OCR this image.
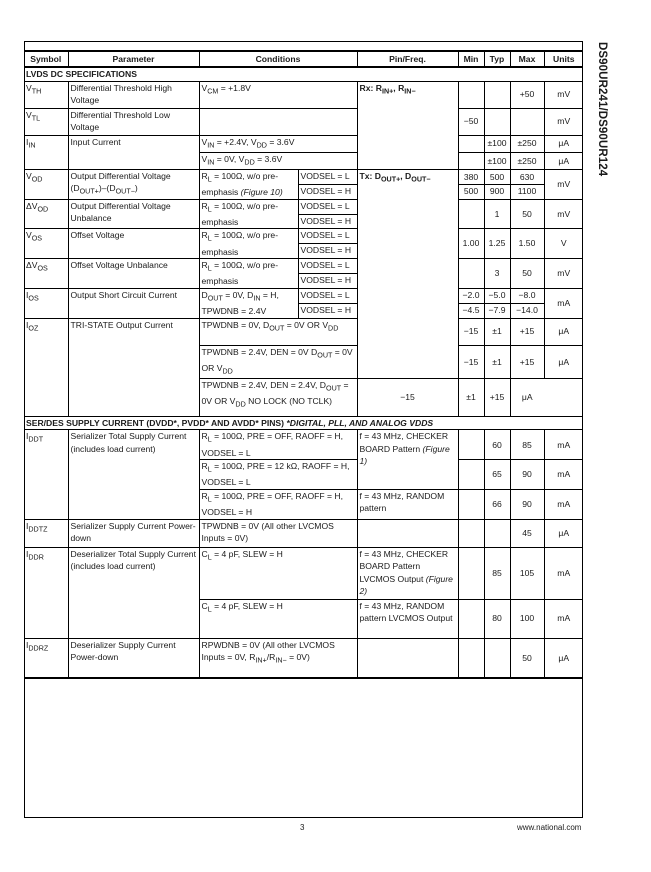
DS90UR241/DS90UR124
Symbol	Parameter	Conditions		Pin/Freq.	Min	Typ	Max	Units
LVDS DC SPECIFICATIONS								
$V_{TH}$	Differential Threshold High Voltage	$V_{CM} = +1.8V$		Rx: $R_{IN+}$, $R_{IN-}$			+50	mV
$V_{TL}$	Differential Threshold Low Voltage				−50			mV
$I_{IN}$	Input Current	$V_{IN} = +2.4V$, $V_{DD} = 3.6V$				±100	±250	μA
		$V_{IN} = 0V$, $V_{DD} = 3.6V$				±100	±250	μA
$V_{OD}$	Output Differential Voltage $(D_{OUT+})-(D_{OUT-})$	$R_L = 100\Omega$, w/o pre-emphasis (Figure 10)	VODSEL = L	Tx: $D_{OUT+}$, $D_{OUT-}$	380	500	630	mV
			VODSEL = H		500	900	1100	
$\Delta V_{OD}$	Output Differential Voltage Unbalance	$R_L = 100\Omega$, w/o pre-emphasis	VODSEL = L			1	50	mV
			VODSEL = H					
$V_{OS}$	Offset Voltage	$R_L = 100\Omega$, w/o pre-emphasis	VODSEL = L		1.00	1.25	1.50	V
			VODSEL = H					
$\Delta V_{OS}$	Offset Voltage Unbalance	$R_L = 100\Omega$, w/o pre-emphasis	VODSEL = L			3	50	mV
			VODSEL = H					
$I_{OS}$	Output Short Circuit Current	$D_{OUT} = 0V$, $D_{IN} = H$, TPWDNB = 2.4V	VODSEL = L		−2.0	−5.0	−8.0	mA
			VODSEL = H		−4.5	−7.9	−14.0	
$I_{OZ}$	TRI-STATE Output Current	TPWDNB = 0V, $D_{OUT} = 0V$ OR $V_{DD}$			−15	±1	+15	μA
		TPWDNB = 2.4V, DEN = 0V $D_{OUT} = 0V$ OR $V_{DD}$			−15	±1	+15	μA
		TPWDNB = 2.4V, DEN = 2.4V, $D_{OUT} = 0V$ OR $V_{DD}$ NO LOCK (NO TCLK)		−15	±1	+15	μA	
SER/DES SUPPLY CURRENT (DVDD*, PVDD* AND AVDD* PINS) *DIGITAL, PLL, AND ANALOG VDDS								
$I_{DDT}$	Serializer Total Supply Current (includes load current)	$R_L = 100\Omega$, PRE = OFF, RAOFF = H, VODSEL = L		f = 43 MHz, CHECKER BOARD Pattern (Figure 1)		60	85	mA
		$R_L = 100\Omega$, PRE = 12 kΩ, RAOFF = H, VODSEL = L				65	90	mA
		$R_L = 100\Omega$, PRE = OFF, RAOFF = H, VODSEL = H		f = 43 MHz, RANDOM pattern		66	90	mA
$I_{DDTZ}$	Serializer Supply Current Power-down	TPWDNB = 0V (All other LVCMOS Inputs = 0V)					45	μA
$I_{DDR}$	Deserializer Total Supply Current (includes load current)	$C_L = 4$ pF, SLEW = H		f = 43 MHz, CHECKER BOARD Pattern LVCMOS Output (Figure 2)		85	105	mA
		$C_L = 4$ pF, SLEW = H		f = 43 MHz, RANDOM pattern LVCMOS Output		80	100	mA
$I_{DDRZ}$	Deserializer Supply Current Power-down	RPWDNB = 0V (All other LVCMOS Inputs = 0V, $R_{IN+}/R_{IN-} = 0V$)					50	μA
3	www.national.com
